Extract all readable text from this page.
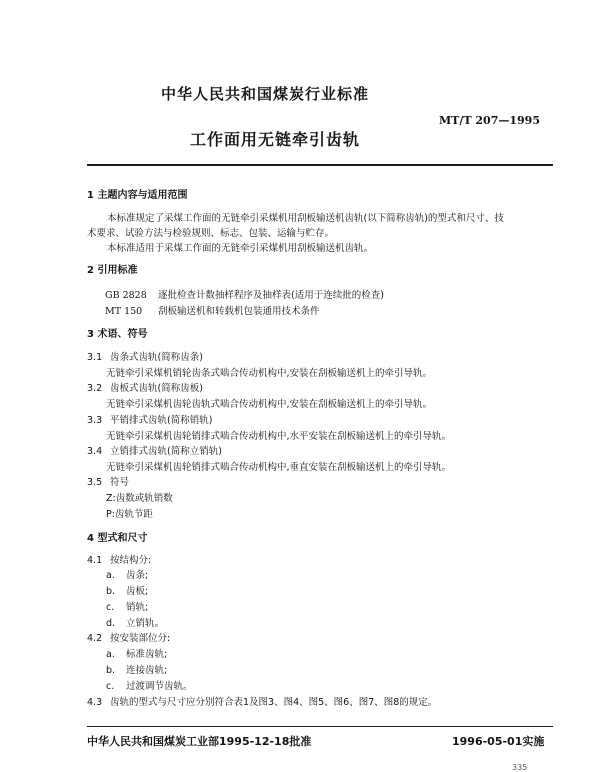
中华人民共和国煤炭行业标准
MT/T 207—1995
工作面用无链牵引齿轨
1 主题内容与适用范围
本标准规定了采煤工作面的无链牵引采煤机用刮板输送机齿轨(以下简称齿轨)的型式和尺寸、技
术要求、试验方法与检验规则、标志、包装、运输与贮存。
本标准适用于采煤工作面的无链牵引采煤机用刮板输送机齿轨。
2 引用标准
GB 2828 逐批检查计数抽样程序及抽样表(适用于连续批的检查)
MT 150 刮板输送机和转载机包装通用技术条件
3 术语、符号
3.1 齿条式齿轨(简称齿条)
无链牵引采煤机销轮齿条式啮合传动机构中,安装在刮板输送机上的牵引导轨。
3.2 齿板式齿轨(简称齿板)
无链牵引采煤机齿轮齿轨式啮合传动机构中,安装在刮板输送机上的牵引导轨。
3.3 平销排式齿轨(简称销轨)
无链牵引采煤机齿轮销排式啮合传动机构中,水平安装在刮板输送机上的牵引导轨。
3.4 立销排式齿轨(简称立销轨)
无链牵引采煤机齿轮销排式啮合传动机构中,垂直安装在刮板输送机上的牵引导轨。
3.5 符号
Z:齿数或轨销数
P:齿轨节距
4 型式和尺寸
4.1 按结构分:
a. 齿条;
b. 齿板;
c. 销轨;
d. 立销轨。
4.2 按安装部位分:
a. 标准齿轨;
b. 连接齿轨;
c. 过渡调节齿轨。
4.3 齿轨的型式与尺寸应分别符合表1及图3、图4、图5、图6、图7、图8的规定。
中华人民共和国煤炭工业部1995-12-18批准	1996-05-01实施
335
